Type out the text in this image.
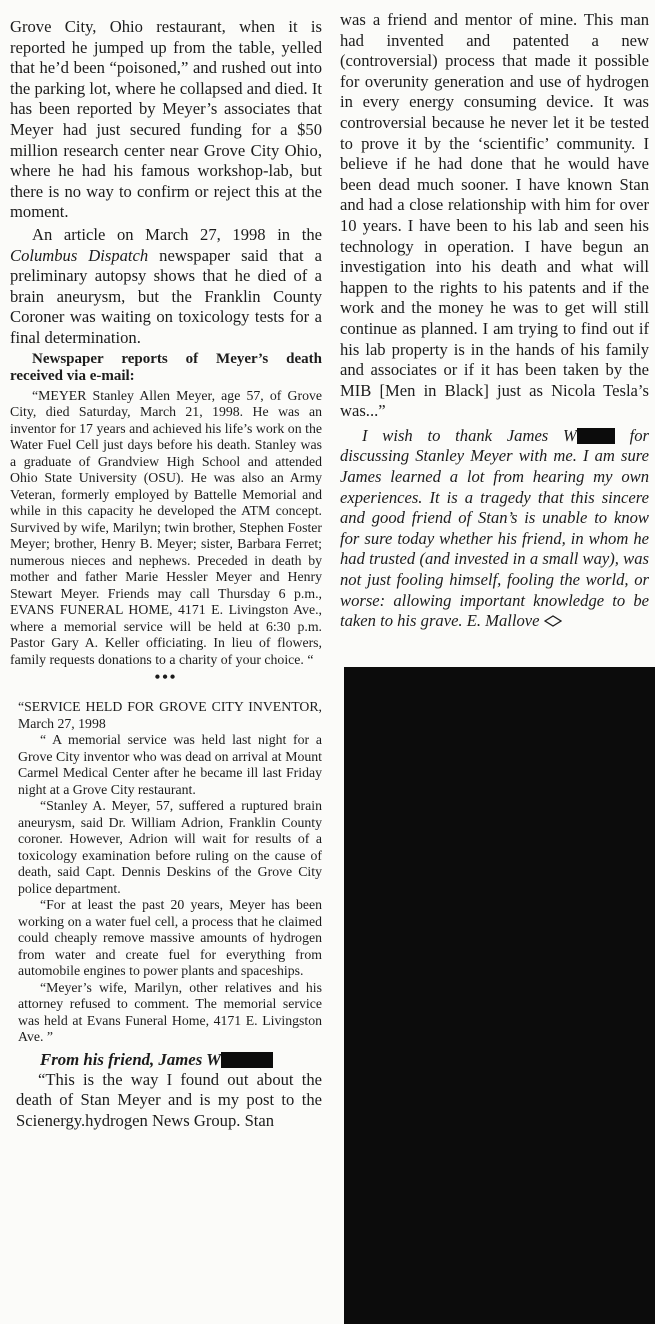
Grove City, Ohio restaurant, when it is reported he jumped up from the table, yelled that he’d been “poisoned,” and rushed out into the parking lot, where he collapsed and died. It has been reported by Meyer’s associates that Meyer had just secured funding for a $50 million research center near Grove City Ohio, where he had his famous workshop-lab, but there is no way to confirm or reject this at the moment.

An article on March 27, 1998 in the Columbus Dispatch newspaper said that a preliminary autopsy shows that he died of a brain aneurysm, but the Franklin County Coroner was waiting on toxicology tests for a final determination.

Newspaper reports of Meyer’s death received via e-mail:

“MEYER Stanley Allen Meyer, age 57, of Grove City, died Saturday, March 21, 1998. He was an inventor for 17 years and achieved his life’s work on the Water Fuel Cell just days before his death. Stanley was a graduate of Grandview High School and attended Ohio State University (OSU). He was also an Army Veteran, formerly employed by Battelle Memorial and while in this capacity he developed the ATM concept. Survived by wife, Marilyn; twin brother, Stephen Foster Meyer; brother, Henry B. Meyer; sister, Barbara Ferret; numerous nieces and nephews. Preceded in death by mother and father Marie Hessler Meyer and Henry Stewart Meyer. Friends may call Thursday 6 p.m., EVANS FUNERAL HOME, 4171 E. Livingston Ave., where a memorial service will be held at 6:30 p.m. Pastor Gary A. Keller officiating. In lieu of flowers, family requests donations to a charity of your choice. “

•••

“SERVICE HELD FOR GROVE CITY INVENTOR, March 27, 1998

“ A memorial service was held last night for a Grove City inventor who was dead on arrival at Mount Carmel Medical Center after he became ill last Friday night at a Grove City restaurant.

“Stanley A. Meyer, 57, suffered a ruptured brain aneurysm, said Dr. William Adrion, Franklin County coroner. However, Adrion will wait for results of a toxicology examination before ruling on the cause of death, said Capt. Dennis Deskins of the Grove City police department.

“For at least the past 20 years, Meyer has been working on a water fuel cell, a process that he claimed could cheaply remove massive amounts of hydrogen from water and create fuel for everything from automobile engines to power plants and spaceships.

“Meyer’s wife, Marilyn, other relatives and his attorney refused to comment. The memorial service was held at Evans Funeral Home, 4171 E. Livingston Ave. ”

From his friend, James W

“This is the way I found out about the death of Stan Meyer and is my post to the Scienergy.hydrogen News Group. Stan

was a friend and mentor of mine. This man had invented and patented a new (controversial) process that made it possible for overunity generation and use of hydrogen in every energy consuming device. It was controversial because he never let it be tested to prove it by the ‘scientific’ community. I believe if he had done that he would have been dead much sooner. I have known Stan and had a close relationship with him for over 10 years. I have been to his lab and seen his technology in operation. I have begun an investigation into his death and what will happen to the rights to his patents and if the work and the money he was to get will still continue as planned. I am trying to find out if his lab property is in the hands of his family and associates or if it has been taken by the MIB [Men in Black] just as Nicola Tesla’s was...”

I wish to thank James W	for discussing Stanley Meyer with me. I am sure James learned a lot from hearing my own experiences. It is a tragedy that this sincere and good friend of Stan’s is unable to know for sure today whether his friend, in whom he had trusted (and invested in a small way), was not just fooling himself, fooling the world, or worse: allowing important knowledge to be taken to his grave. E. Mallove
